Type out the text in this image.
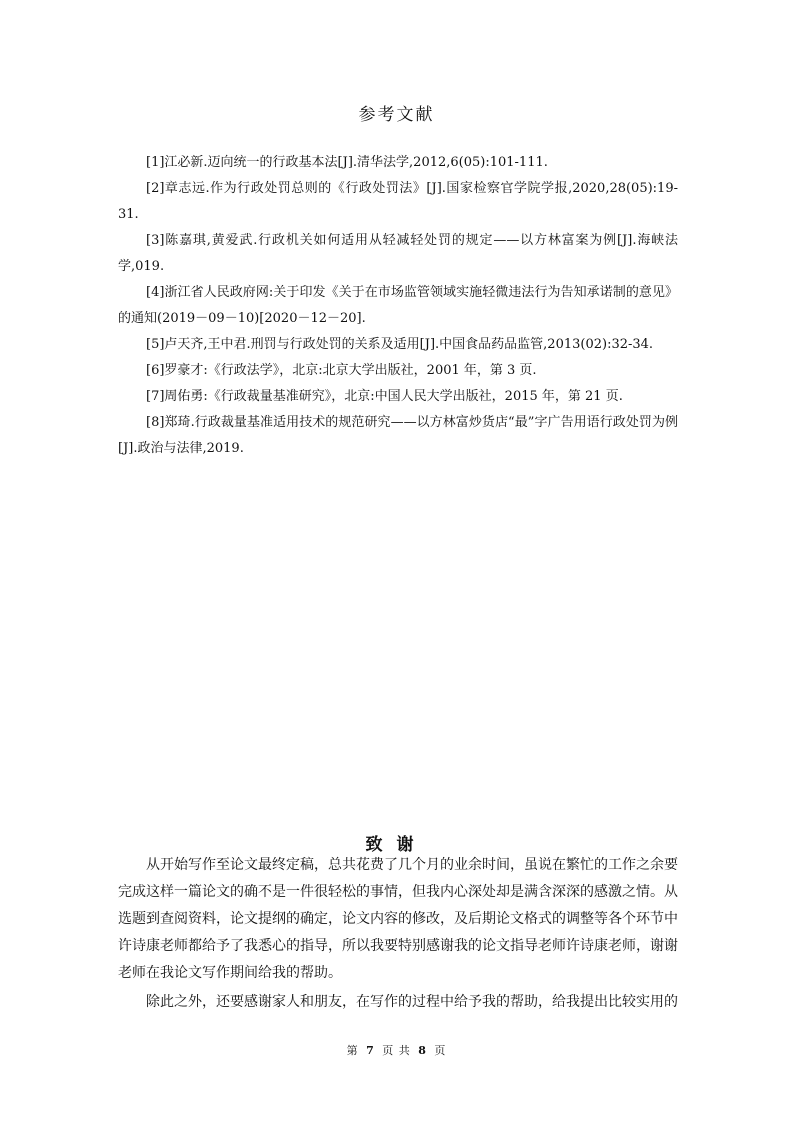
参考文献

[1]江必新.迈向统一的行政基本法[J].清华法学,2012,6(05):101-111.

[2]章志远.作为行政处罚总则的《行政处罚法》[J].国家检察官学院学报,2020,28(05):19-31.

[3]陈嘉琪,黄爱武.行政机关如何适用从轻减轻处罚的规定——以方林富案为例[J].海峡法学,019.

[4]浙江省人民政府网:关于印发《关于在市场监管领域实施轻微违法行为告知承诺制的意见》的通知(2019－09－10)[2020－12－20].

[5]卢天齐,王中君.刑罚与行政处罚的关系及适用[J].中国食品药品监管,2013(02):32-34.

[6]罗豪才:《行政法学》，北京:北京大学出版社，2001 年，第 3 页.

[7]周佑勇:《行政裁量基准研究》，北京:中国人民大学出版社，2015 年，第 21 页.

[8]郑琦.行政裁量基准适用技术的规范研究——以方林富炒货店“最”字广告用语行政处罚为例[J].政治与法律,2019.

致谢

从开始写作至论文最终定稿，总共花费了几个月的业余时间，虽说在繁忙的工作之余要完成这样一篇论文的确不是一件很轻松的事情，但我内心深处却是满含深深的感激之情。从选题到查阅资料，论文提纲的确定，论文内容的修改，及后期论文格式的调整等各个环节中许诗康老师都给予了我悉心的指导，所以我要特别感谢我的论文指导老师许诗康老师，谢谢老师在我论文写作期间给我的帮助。

除此之外，还要感谢家人和朋友，在写作的过程中给予我的帮助，给我提出比较实用的

第 7 页 共 8 页
